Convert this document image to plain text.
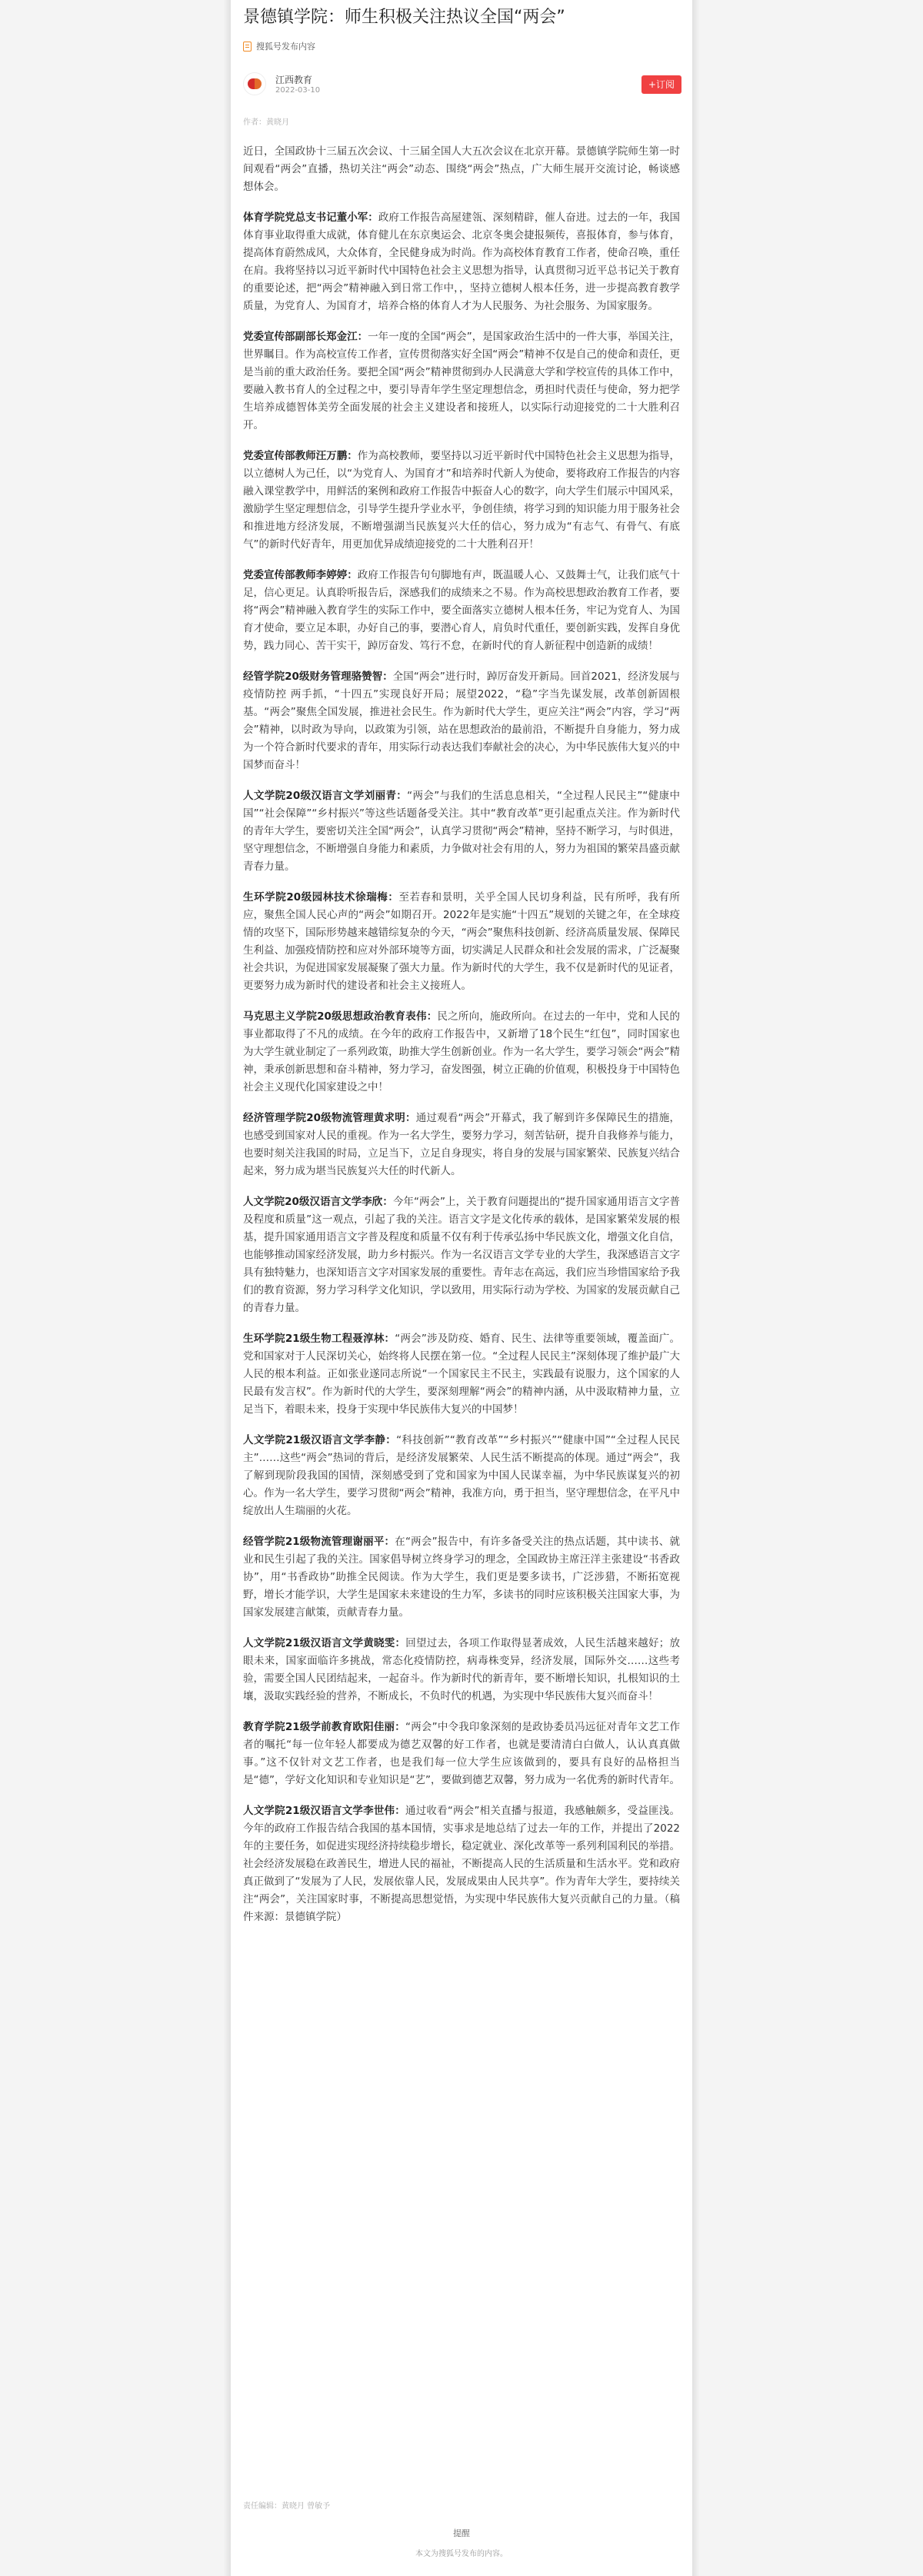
景德镇学院：师生积极关注热议全国“两会”
搜狐号发布内容
江西教育
2022-03-10
+订阅
作者：黄晓月

近日，全国政协十三届五次会议、十三届全国人大五次会议在北京开幕。景德镇学院师生第一时间观看“两会”直播，热切关注“两会”动态、围绕“两会”热点，广大师生展开交流讨论，畅谈感想体会。

体育学院党总支书记董小军：政府工作报告高屋建瓴、深刻精辟，催人奋进。过去的一年，我国体育事业取得重大成就，体育健儿在东京奥运会、北京冬奥会捷报频传，喜报体育，参与体育，提高体育蔚然成风，大众体育，全民健身成为时尚。作为高校体育教育工作者，使命召唤，重任在肩。我将坚持以习近平新时代中国特色社会主义思想为指导，认真贯彻习近平总书记关于教育的重要论述，把“两会”精神融入到日常工作中，，坚持立德树人根本任务，进一步提高教育教学质量，为党育人、为国育才，培养合格的体育人才为人民服务、为社会服务、为国家服务。

党委宣传部副部长郑金江：一年一度的全国“两会”，是国家政治生活中的一件大事，举国关注，世界瞩目。作为高校宣传工作者，宣传贯彻落实好全国“两会”精神不仅是自己的使命和责任，更是当前的重大政治任务。要把全国“两会”精神贯彻到办人民满意大学和学校宣传的具体工作中，要融入教书育人的全过程之中，要引导青年学生坚定理想信念，勇担时代责任与使命，努力把学生培养成德智体美劳全面发展的社会主义建设者和接班人，以实际行动迎接党的二十大胜利召开。

党委宣传部教师汪万鹏：作为高校教师，要坚持以习近平新时代中国特色社会主义思想为指导，以立德树人为己任，以“为党育人、为国育才”和培养时代新人为使命，要将政府工作报告的内容融入课堂教学中，用鲜活的案例和政府工作报告中振奋人心的数字，向大学生们展示中国风采，激励学生坚定理想信念，引导学生提升学业水平，争创佳绩，将学习到的知识能力用于服务社会和推进地方经济发展，不断增强湖当民族复兴大任的信心，努力成为“有志气、有骨气、有底气”的新时代好青年，用更加优异成绩迎接党的二十大胜利召开！

党委宣传部教师李婷婷：政府工作报告句句脚地有声，既温暖人心、又鼓舞士气，让我们底气十足，信心更足。认真聆听报告后，深感我们的成绩来之不易。作为高校思想政治教育工作者，要将“两会”精神融入教育学生的实际工作中，要全面落实立德树人根本任务，牢记为党育人、为国育才使命，要立足本职，办好自己的事，要潜心育人，肩负时代重任，要创新实践，发挥自身优势，践力同心、苦干实干，踔厉奋发、笃行不怠，在新时代的育人新征程中创造新的成绩！

经管学院20级财务管理骆赞智：全国“两会”进行时，踔厉奋发开新局。回首2021，经济发展与疫情防控 两手抓，“十四五”实现良好开局；展望2022，“稳”字当先谋发展，改革创新固根基。“两会”聚焦全国发展，推进社会民生。作为新时代大学生，更应关注“两会”内容，学习“两会”精神，以时政为导向，以政策为引领，站在思想政治的最前沿，不断提升自身能力，努力成为一个符合新时代要求的青年，用实际行动表达我们奉献社会的决心，为中华民族伟大复兴的中国梦而奋斗！

人文学院20级汉语言文学刘丽青：“两会”与我们的生活息息相关，“全过程人民民主”“健康中国”“社会保障”“乡村振兴”等这些话题备受关注。其中“教育改革”更引起重点关注。作为新时代的青年大学生，要密切关注全国“两会”，认真学习贯彻“两会”精神，坚持不断学习，与时俱进，坚守理想信念，不断增强自身能力和素质，力争做对社会有用的人，努力为祖国的繁荣昌盛贡献青春力量。

生环学院20级园林技术徐瑞梅：至若春和景明，关乎全国人民切身利益，民有所呼，我有所应，聚焦全国人民心声的“两会”如期召开。2022年是实施“十四五”规划的关键之年，在全球疫情的攻坚下，国际形势越来越错综复杂的今天，“两会”聚焦科技创新、经济高质量发展、保障民生利益、加强疫情防控和应对外部环境等方面，切实满足人民群众和社会发展的需求，广泛凝聚社会共识，为促进国家发展凝聚了强大力量。作为新时代的大学生，我不仅是新时代的见证者，更要努力成为新时代的建设者和社会主义接班人。

马克思主义学院20级思想政治教育表伟：民之所向，施政所向。在过去的一年中，党和人民的事业都取得了不凡的成绩。在今年的政府工作报告中，又新增了18个民生“红包”，同时国家也为大学生就业制定了一系列政策，助推大学生创新创业。作为一名大学生，要学习领会“两会”精神，秉承创新思想和奋斗精神，努力学习，奋发图强，树立正确的价值观，积极投身于中国特色社会主义现代化国家建设之中！

经济管理学院20级物流管理黄求明：通过观看“两会”开幕式，我了解到许多保障民生的措施，也感受到国家对人民的重视。作为一名大学生，要努力学习，刻苦钻研，提升自我修养与能力，也要时刻关注我国的时局，立足当下，立足自身现实，将自身的发展与国家繁荣、民族复兴结合起来，努力成为堪当民族复兴大任的时代新人。

人文学院20级汉语言文学李欣：今年“两会”上，关于教育问题提出的“提升国家通用语言文字普及程度和质量”这一观点，引起了我的关注。语言文字是文化传承的载体，是国家繁荣发展的根基，提升国家通用语言文字普及程度和质量不仅有利于传承弘扬中华民族文化，增强文化自信，也能够推动国家经济发展，助力乡村振兴。作为一名汉语言文学专业的大学生，我深感语言文字具有独特魅力，也深知语言文字对国家发展的重要性。青年志在高远，我们应当珍惜国家给予我们的教育资源，努力学习科学文化知识，学以致用，用实际行动为学校、为国家的发展贡献自己的青春力量。

生环学院21级生物工程聂淳林：“两会”涉及防疫、婚育、民生、法律等重要领域，覆盖面广。党和国家对于人民深切关心，始终将人民摆在第一位。“全过程人民民主”深刻体现了维护最广大人民的根本利益。正如张业遂同志所说“一个国家民主不民主，实践最有说服力，这个国家的人民最有发言权”。作为新时代的大学生，要深刻理解“两会”的精神内涵，从中汲取精神力量，立足当下，着眼未来，投身于实现中华民族伟大复兴的中国梦！

人文学院21级汉语言文学李静：“科技创新”“教育改革”“乡村振兴”“健康中国”“全过程人民民主”……这些“两会”热词的背后，是经济发展繁荣、人民生活不断提高的体现。通过“两会”，我了解到现阶段我国的国情，深刻感受到了党和国家为中国人民谋幸福，为中华民族谋复兴的初心。作为一名大学生，要学习贯彻“两会”精神，我准方向，勇于担当，坚守理想信念，在平凡中绽放出人生瑞丽的火花。

经管学院21级物流管理谢丽平：在“两会”报告中，有许多备受关注的热点话题，其中读书、就业和民生引起了我的关注。国家倡导树立终身学习的理念，全国政协主席汪洋主张建设“书香政协”，用“书香政协”助推全民阅读。作为大学生，我们更是要多读书，广泛涉猎，不断拓宽视野，增长才能学识，大学生是国家未来建设的生力军，多读书的同时应该积极关注国家大事，为国家发展建言献策，贡献青春力量。

人文学院21级汉语言文学黄晓雯：回望过去，各项工作取得显著成效，人民生活越来越好；放眼未来，国家面临许多挑战，常态化疫情防控，病毒株变异，经济发展，国际外交……这些考验，需要全国人民团结起来，一起奋斗。作为新时代的新青年，要不断增长知识，扎根知识的土壤，汲取实践经验的营养，不断成长，不负时代的机遇，为实现中华民族伟大复兴而奋斗！

教育学院21级学前教育欧阳佳丽：“两会”中令我印象深刻的是政协委员冯远征对青年文艺工作者的嘱托“每一位年轻人都要成为德艺双馨的好工作者，也就是要清清白白做人，认认真真做事。”这不仅针对文艺工作者，也是我们每一位大学生应该做到的，要具有良好的品格担当是“德”，学好文化知识和专业知识是“艺”，要做到德艺双馨，努力成为一名优秀的新时代青年。

人文学院21级汉语言文学李世伟：通过收看“两会”相关直播与报道，我感触颇多，受益匪浅。今年的政府工作报告结合我国的基本国情，实事求是地总结了过去一年的工作，并提出了2022年的主要任务，如促进实现经济持续稳步增长，稳定就业、深化改革等一系列利国利民的举措。社会经济发展稳在政善民生，增进人民的福祉，不断提高人民的生活质量和生活水平。党和政府真正做到了“发展为了人民，发展依靠人民，发展成果由人民共享”。作为青年大学生，要持续关注“两会”，关注国家时事，不断提高思想觉悟，为实现中华民族伟大复兴贡献自己的力量。（稿件来源：景德镇学院）

责任编辑：黄晓月 曾敏予
提醒
本文为搜狐号发布的内容。
